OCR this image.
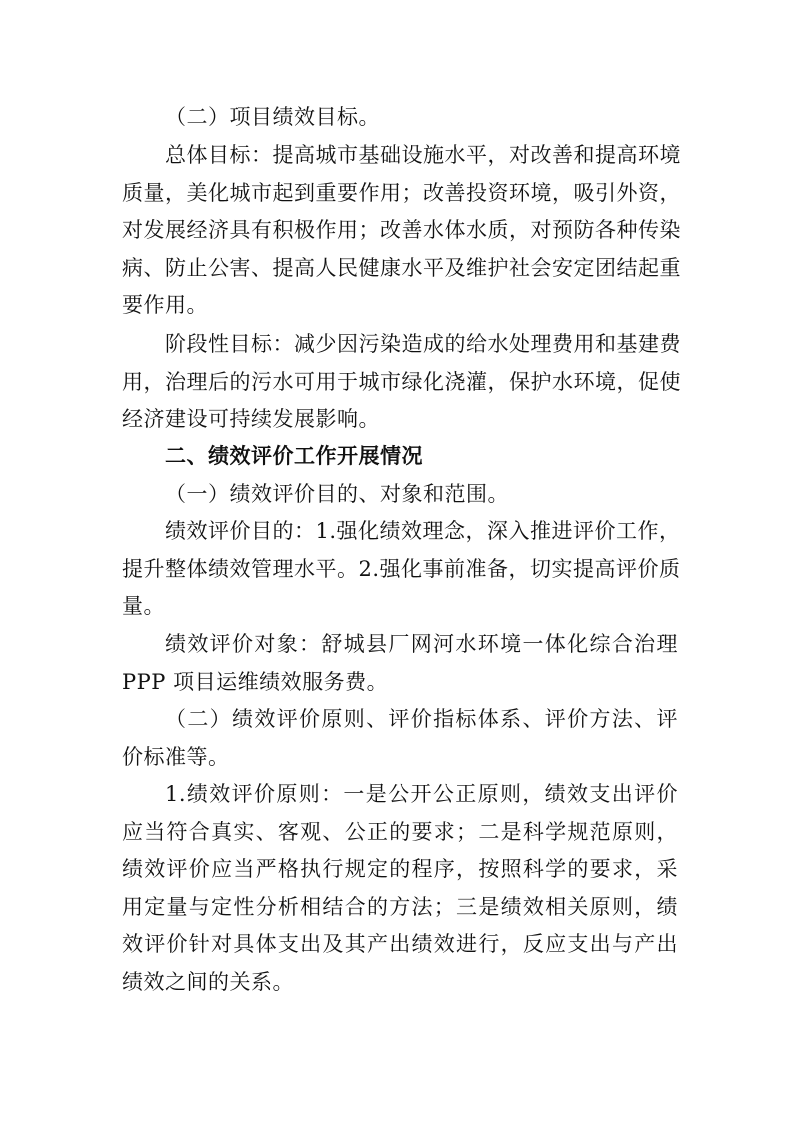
（二）项目绩效目标。
总体目标：提高城市基础设施水平，对改善和提高环境
质量，美化城市起到重要作用；改善投资环境，吸引外资，
对发展经济具有积极作用；改善水体水质，对预防各种传染
病、防止公害、提高人民健康水平及维护社会安定团结起重
要作用。
阶段性目标：减少因污染造成的给水处理费用和基建费
用，治理后的污水可用于城市绿化浇灌，保护水环境，促使
经济建设可持续发展影响。
二、绩效评价工作开展情况
（一）绩效评价目的、对象和范围。
绩效评价目的：1.强化绩效理念，深入推进评价工作，
提升整体绩效管理水平。2.强化事前准备，切实提高评价质
量。
绩效评价对象：舒城县厂网河水环境一体化综合治理
PPP 项目运维绩效服务费。
（二）绩效评价原则、评价指标体系、评价方法、评
价标准等。
1.绩效评价原则：一是公开公正原则，绩效支出评价
应当符合真实、客观、公正的要求；二是科学规范原则，
绩效评价应当严格执行规定的程序，按照科学的要求，采
用定量与定性分析相结合的方法；三是绩效相关原则，绩
效评价针对具体支出及其产出绩效进行，反应支出与产出
绩效之间的关系。
